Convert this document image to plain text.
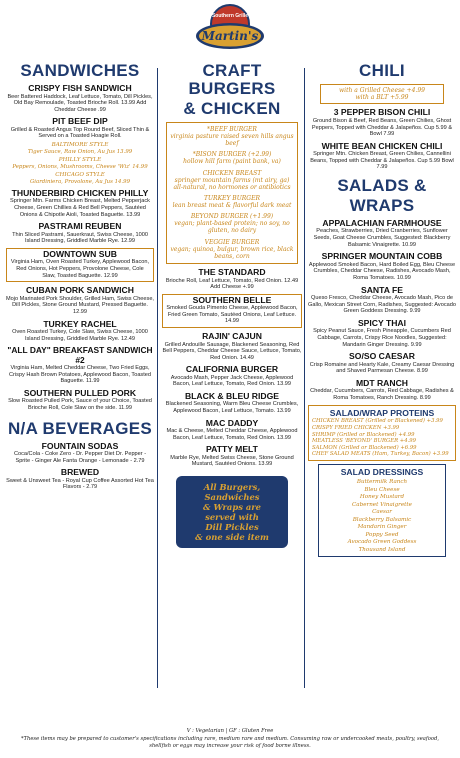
Martin's
Southern Grille
SANDWICHES
CRISPY FISH SANDWICH
Beer Battered Haddock, Leaf Lettuce, Tomato, Dill Pickles, Old Bay Remoulade, Toasted Brioche Roll. 13.99 Add Cheddar Cheese .99
PIT BEEF DIP
Grilled & Roasted Angus Top Round Beef, Sliced Thin & Served on a Toasted Hoagie Roll.
BALTIMORE STYLE
Tiger Sauce, Raw Onion, Au Jus 13.99
PHILLY STYLE
Peppers, Onions, Mushrooms, Cheese 'Wiz' 14.99
CHICAGO STYLE
Giardiniera, Provolone, Au Jus 14.99
THUNDERBIRD CHICKEN PHILLY
Springer Mtn. Farms Chicken Breast, Melted Pepperjack Cheese, Green Chillies & Red Bell Peppers, Sautéed Onions & Chipotle Aioli, Toasted Baguette. 13.99
PASTRAMI REUBEN
Thin Sliced Pastrami, Sauerkraut, Swiss Cheese, 1000 Island Dressing, Griddled Marble Rye. 12.99
DOWNTOWN SUB
Virginia Ham, Oven Roasted Turkey, Applewood Bacon, Red Onions, Hot Peppers, Provolone Cheese, Cole Slaw, Toasted Baguette. 12.99
CUBAN PORK SANDWICH
Mojo Marinated Pork Shoulder, Grilled Ham, Swiss Cheese, Dill Pickles, Stone Ground Mustard, Pressed Baguette. 12.99
TURKEY RACHEL
Oven Roasted Turkey, Cole Slaw, Swiss Cheese, 1000 Island Dressing, Griddled Marble Rye. 12.49
"ALL DAY" BREAKFAST SANDWICH #2
Virginia Ham, Melted Cheddar Cheese, Two Fried Eggs, Crispy Hash Brown Potatoes, Applewood Bacon, Toasted Baguette. 11.99
SOUTHERN PULLED PORK
Slow Roasted Pulled Pork, Sauce of your Choice, Toasted Brioche Roll, Cole Slaw on the side. 11.99
N/A BEVERAGES
FOUNTAIN SODAS
Coca/Cola - Coke Zero - Dr. Pepper Diet Dr. Pepper - Sprite - Ginger Ale Fanta Orange - Lemonade - 2.79
BREWED
Sweet & Unsweet Tea - Royal Cup Coffee Assorted Hot Tea Flavors - 2.79
CRAFT BURGERS
& CHICKEN
*BEEF BURGER
virginia pasture raised seven hills angus beef
*BISON BURGER (+2.99)
hollow hill farm (paint bank, va)
CHICKEN BREAST
springer mountain farms (mt airy, ga) all-natural, no hormones or antibiotics
TURKEY BURGER
lean breast meat & flavorful dark meat
BEYOND BURGER (+1.99)
vegan; plant-based protein; no soy, no gluten, no dairy
VEGGIE BURGER
vegan; quinoa, bulgur, brown rice, black beans, corn
THE STANDARD
Brioche Roll, Leaf Lettuce, Tomato, Red Onion. 12.49 Add Cheese +.99
SOUTHERN BELLE
Smoked Gouda Pimento Cheese, Applewood Bacon, Fried Green Tomato, Sautéed Onions, Leaf Lettuce. 14.99
RAJIN' CAJUN
Grilled Andouille Sausage, Blackened Seasoning, Red Bell Peppers, Cheddar Cheese Sauce, Lettuce, Tomato, Red Onion. 14.49
CALIFORNIA BURGER
Avocado Mash, Pepper Jack Cheese, Applewood Bacon, Leaf Lettuce, Tomato, Red Onion. 13.99
BLACK & BLEU RIDGE
Blackened Seasoning, Warm Bleu Cheese Crumbles, Applewood Bacon, Leaf Lettuce, Tomato. 13.99
MAC DADDY
Mac & Cheese, Melted Cheddar Cheese, Applewood Bacon, Leaf Lettuce, Tomato, Red Onion. 13.99
PATTY MELT
Marble Rye, Melted Swiss Cheese, Stone Ground Mustard, Sautéed Onions. 13.99
All Burgers,
Sandwiches
& Wraps are
served with
Dill Pickles
& one side item
CHILI
with a Grilled Cheese +4.99
with a BLT +5.99
3 PEPPER BISON CHILI
Ground Bison & Beef, Red Beans, Green Chilies, Ghost Peppers, Topped with Cheddar & Jalapeños. Cup 5.99 & Bowl 7.99
WHITE BEAN CHICKEN CHILI
Springer Mtn. Chicken Breast, Green Chilies, Cannellini Beans, Topped with Cheddar & Jalapeños. Cup 5.99 Bowl 7.99
SALADS &
WRAPS
APPALACHIAN FARMHOUSE
Peaches, Strawberries, Dried Cranberries, Sunflower Seeds, Goat Cheese Crumbles, Suggested: Blackberry Balsamic Vinaigrette. 10.99
SPRINGER MOUNTAIN COBB
Applewood Smoked Bacon, Hard Boiled Egg, Bleu Cheese Crumbles, Cheddar Cheese, Radishes, Avocado Mash, Roma Tomatoes. 10.99
SANTA FE
Queso Fresco, Cheddar Cheese, Avocado Mash, Pico de Gallo, Mexican Street Corn, Radishes, Suggested: Avocado Green Goddess Dressing. 9.99
SPICY THAI
Spicy Peanut Sauce, Fresh Pineapple, Cucumbers Red Cabbage, Carrots, Crispy Rice Noodles, Suggested: Mandarin Ginger Dressing. 9.99
SO/SO CAESAR
Crisp Romaine and Hearty Kale, Creamy Caesar Dressing and Shaved Parmesan Cheese. 8.99
MDT RANCH
Cheddar, Cucumbers, Carrots, Red Cabbage, Radishes & Roma Tomatoes, Ranch Dressing. 8.99
SALAD/WRAP PROTEINS
CHICKEN BREAST (Grilled or Blackened) +3.99
CRISPY FRIED CHICKEN +3.99
SHRIMP (Grilled or Blackened) +4.99
MEATLESS 'BEYOND' BURGER +4.99
SALMON (Grilled or Blackened) +6.99
CHEF SALAD MEATS (Ham, Turkey, Bacon) +3.99
SALAD DRESSINGS
Buttermilk Ranch
Bleu Cheese
Honey Mustard
Cabernet Vinaigrette
Caesar
Blackberry Balsamic
Mandarin Ginger
Poppy Seed
Avocado Green Goddess
Thousand Island
V : Vegetarian | GF : Gluten Free
*These items may be prepared to customer's specifications including rare, medium rare and medium. Consuming raw or undercooked meats, poultry, seafood, shellfish or eggs may increase your risk of food borne illness.
